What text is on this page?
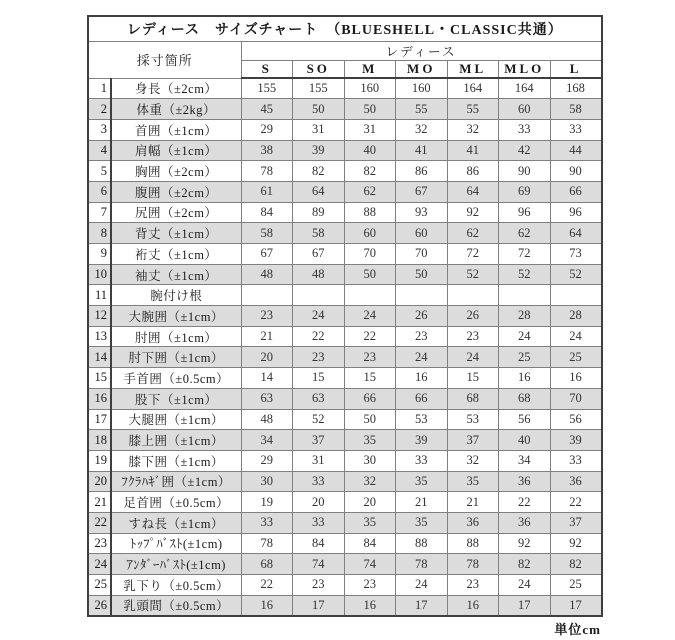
レディース　サイズチャート　（BLUESHELL・CLASSIC共通）								
採寸箇所		レディース						
		S	SO	M	MO	ML	MLO	L
1	身長（±2cm）	155	155	160	160	164	164	168
2	体重（±2kg）	45	50	50	55	55	60	58
3	首囲（±1cm）	29	31	31	32	32	33	33
4	肩幅（±1cm）	38	39	40	41	41	42	44
5	胸囲（±2cm）	78	82	82	86	86	90	90
6	腹囲（±2cm）	61	64	62	67	64	69	66
7	尻囲（±2cm）	84	89	88	93	92	96	96
8	背丈（±1cm）	58	58	60	60	62	62	64
9	裄丈（±1cm）	67	67	70	70	72	72	73
10	袖丈（±1cm）	48	48	50	50	52	52	52
11	腕付け根							
12	大腕囲（±1cm）	23	24	24	26	26	28	28
13	肘囲（±1cm）	21	22	22	23	23	24	24
14	肘下囲（±1cm）	20	23	23	24	24	25	25
15	手首囲（±0.5cm）	14	15	15	16	15	16	16
16	股下（±1cm）	63	63	66	66	68	68	70
17	大腿囲（±1cm）	48	52	50	53	53	56	56
18	膝上囲（±1cm）	34	37	35	39	37	40	39
19	膝下囲（±1cm）	29	31	30	33	32	34	33
20	ﾌｸﾗﾊｷﾞ囲（±1cm）	30	33	32	35	35	36	36
21	足首囲（±0.5cm）	19	20	20	21	21	22	22
22	すね長（±1cm）	33	33	35	35	36	36	37
23	ﾄｯﾌﾟﾊﾞｽﾄ(±1cm)	78	84	84	88	88	92	92
24	ｱﾝﾀﾞｰﾊﾞｽﾄ(±1cm)	68	74	74	78	78	82	82
25	乳下り（±0.5cm）	22	23	23	24	23	24	25
26	乳頭間（±0.5cm）	16	17	16	17	16	17	17
単位cm
